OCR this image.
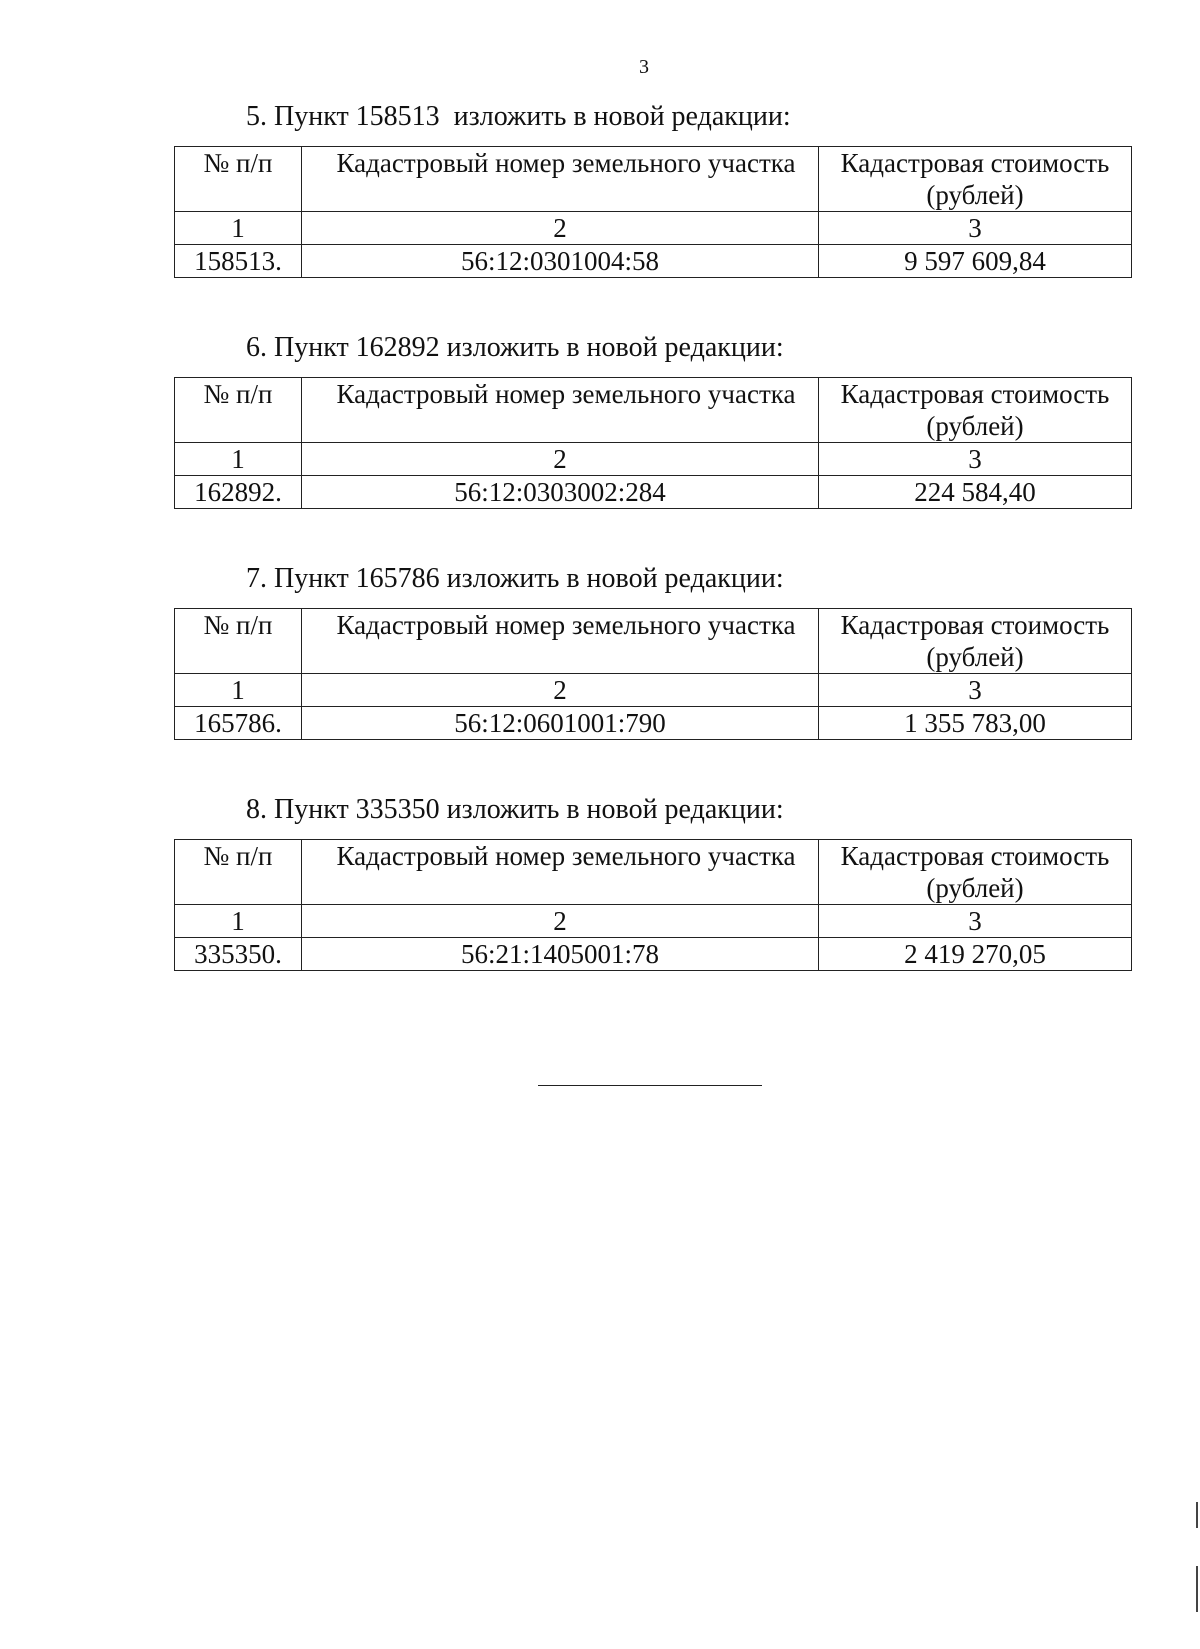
3

5. Пункт 158513  изложить в новой редакции:

№ п/п	Кадастровый номер земельного участка	Кадастровая стоимость (рублей)
1	2	3
158513.	56:12:0301004:58	9 597 609,84

6. Пункт 162892 изложить в новой редакции:

№ п/п	Кадастровый номер земельного участка	Кадастровая стоимость (рублей)
1	2	3
162892.	56:12:0303002:284	224 584,40

7. Пункт 165786 изложить в новой редакции:

№ п/п	Кадастровый номер земельного участка	Кадастровая стоимость (рублей)
1	2	3
165786.	56:12:0601001:790	1 355 783,00

8. Пункт 335350 изложить в новой редакции:

№ п/п	Кадастровый номер земельного участка	Кадастровая стоимость (рублей)
1	2	3
335350.	56:21:1405001:78	2 419 270,05
